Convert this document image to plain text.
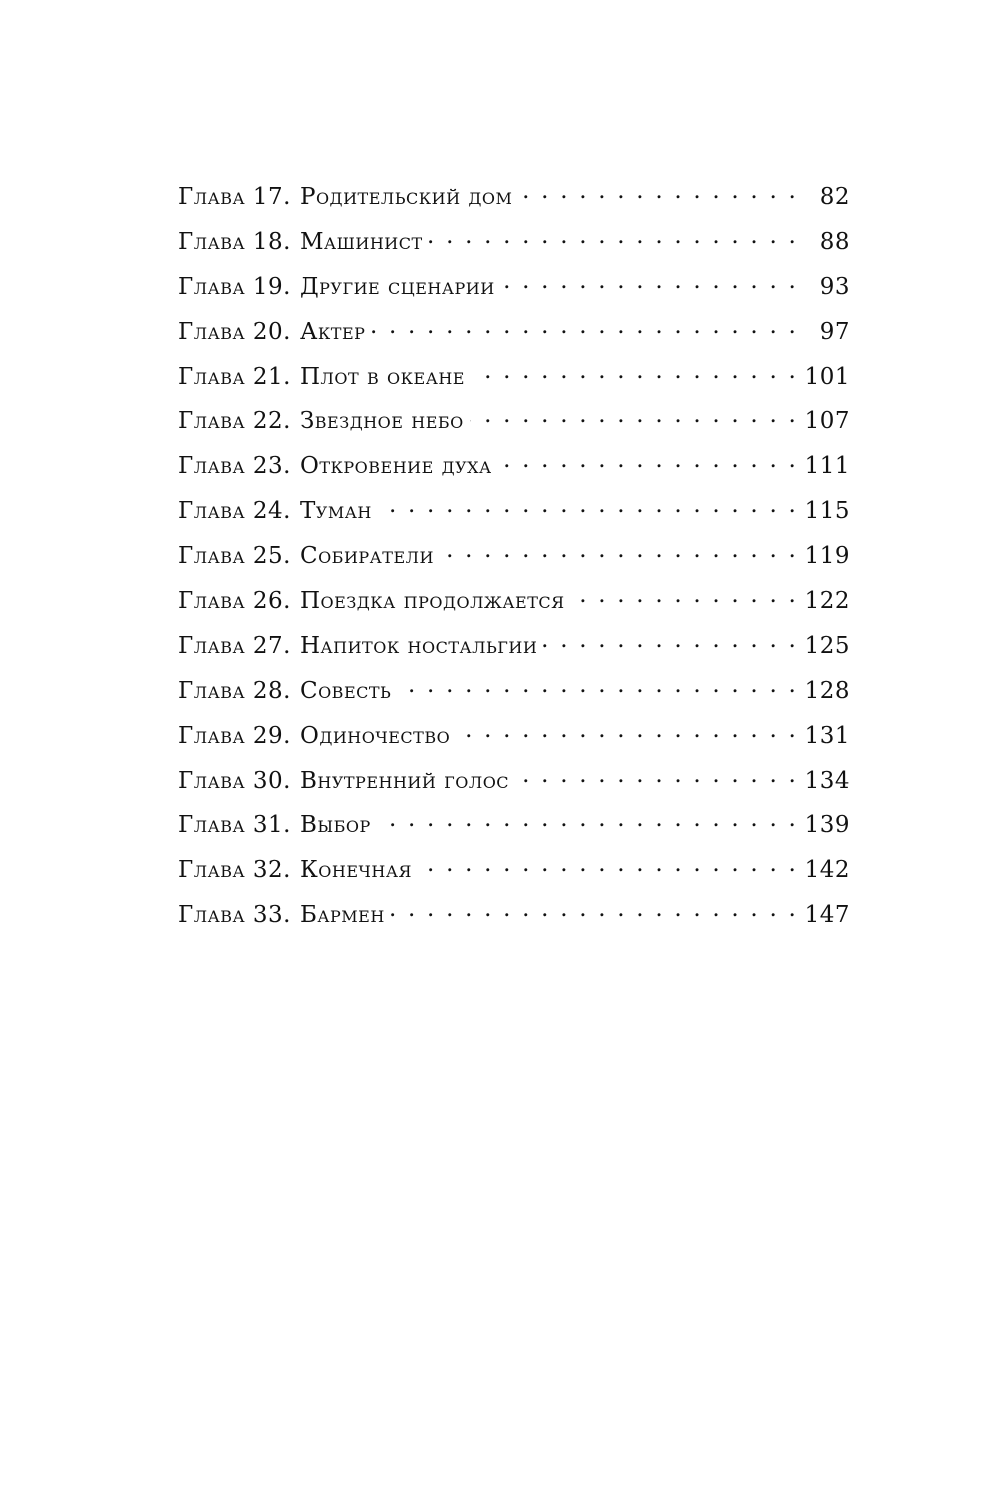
Глава 17. Родительский дом . . .	82
Глава 18. Машинист . . .	88
Глава 19. Другие сценарии . . .	93
Глава 20. Актер . . .	97
Глава 21. Плот в океане . . .	101
Глава 22. Звездное небо . . .	107
Глава 23. Откровение духа . . .	111
Глава 24. Туман . . .	115
Глава 25. Собиратели . . .	119
Глава 26. Поездка продолжается . . .	122
Глава 27. Напиток ностальгии . . .	125
Глава 28. Совесть . . .	128
Глава 29. Одиночество . . .	131
Глава 30. Внутренний голос . . .	134
Глава 31. Выбор . . .	139
Глава 32. Конечная . . .	142
Глава 33. Бармен . . .	147
